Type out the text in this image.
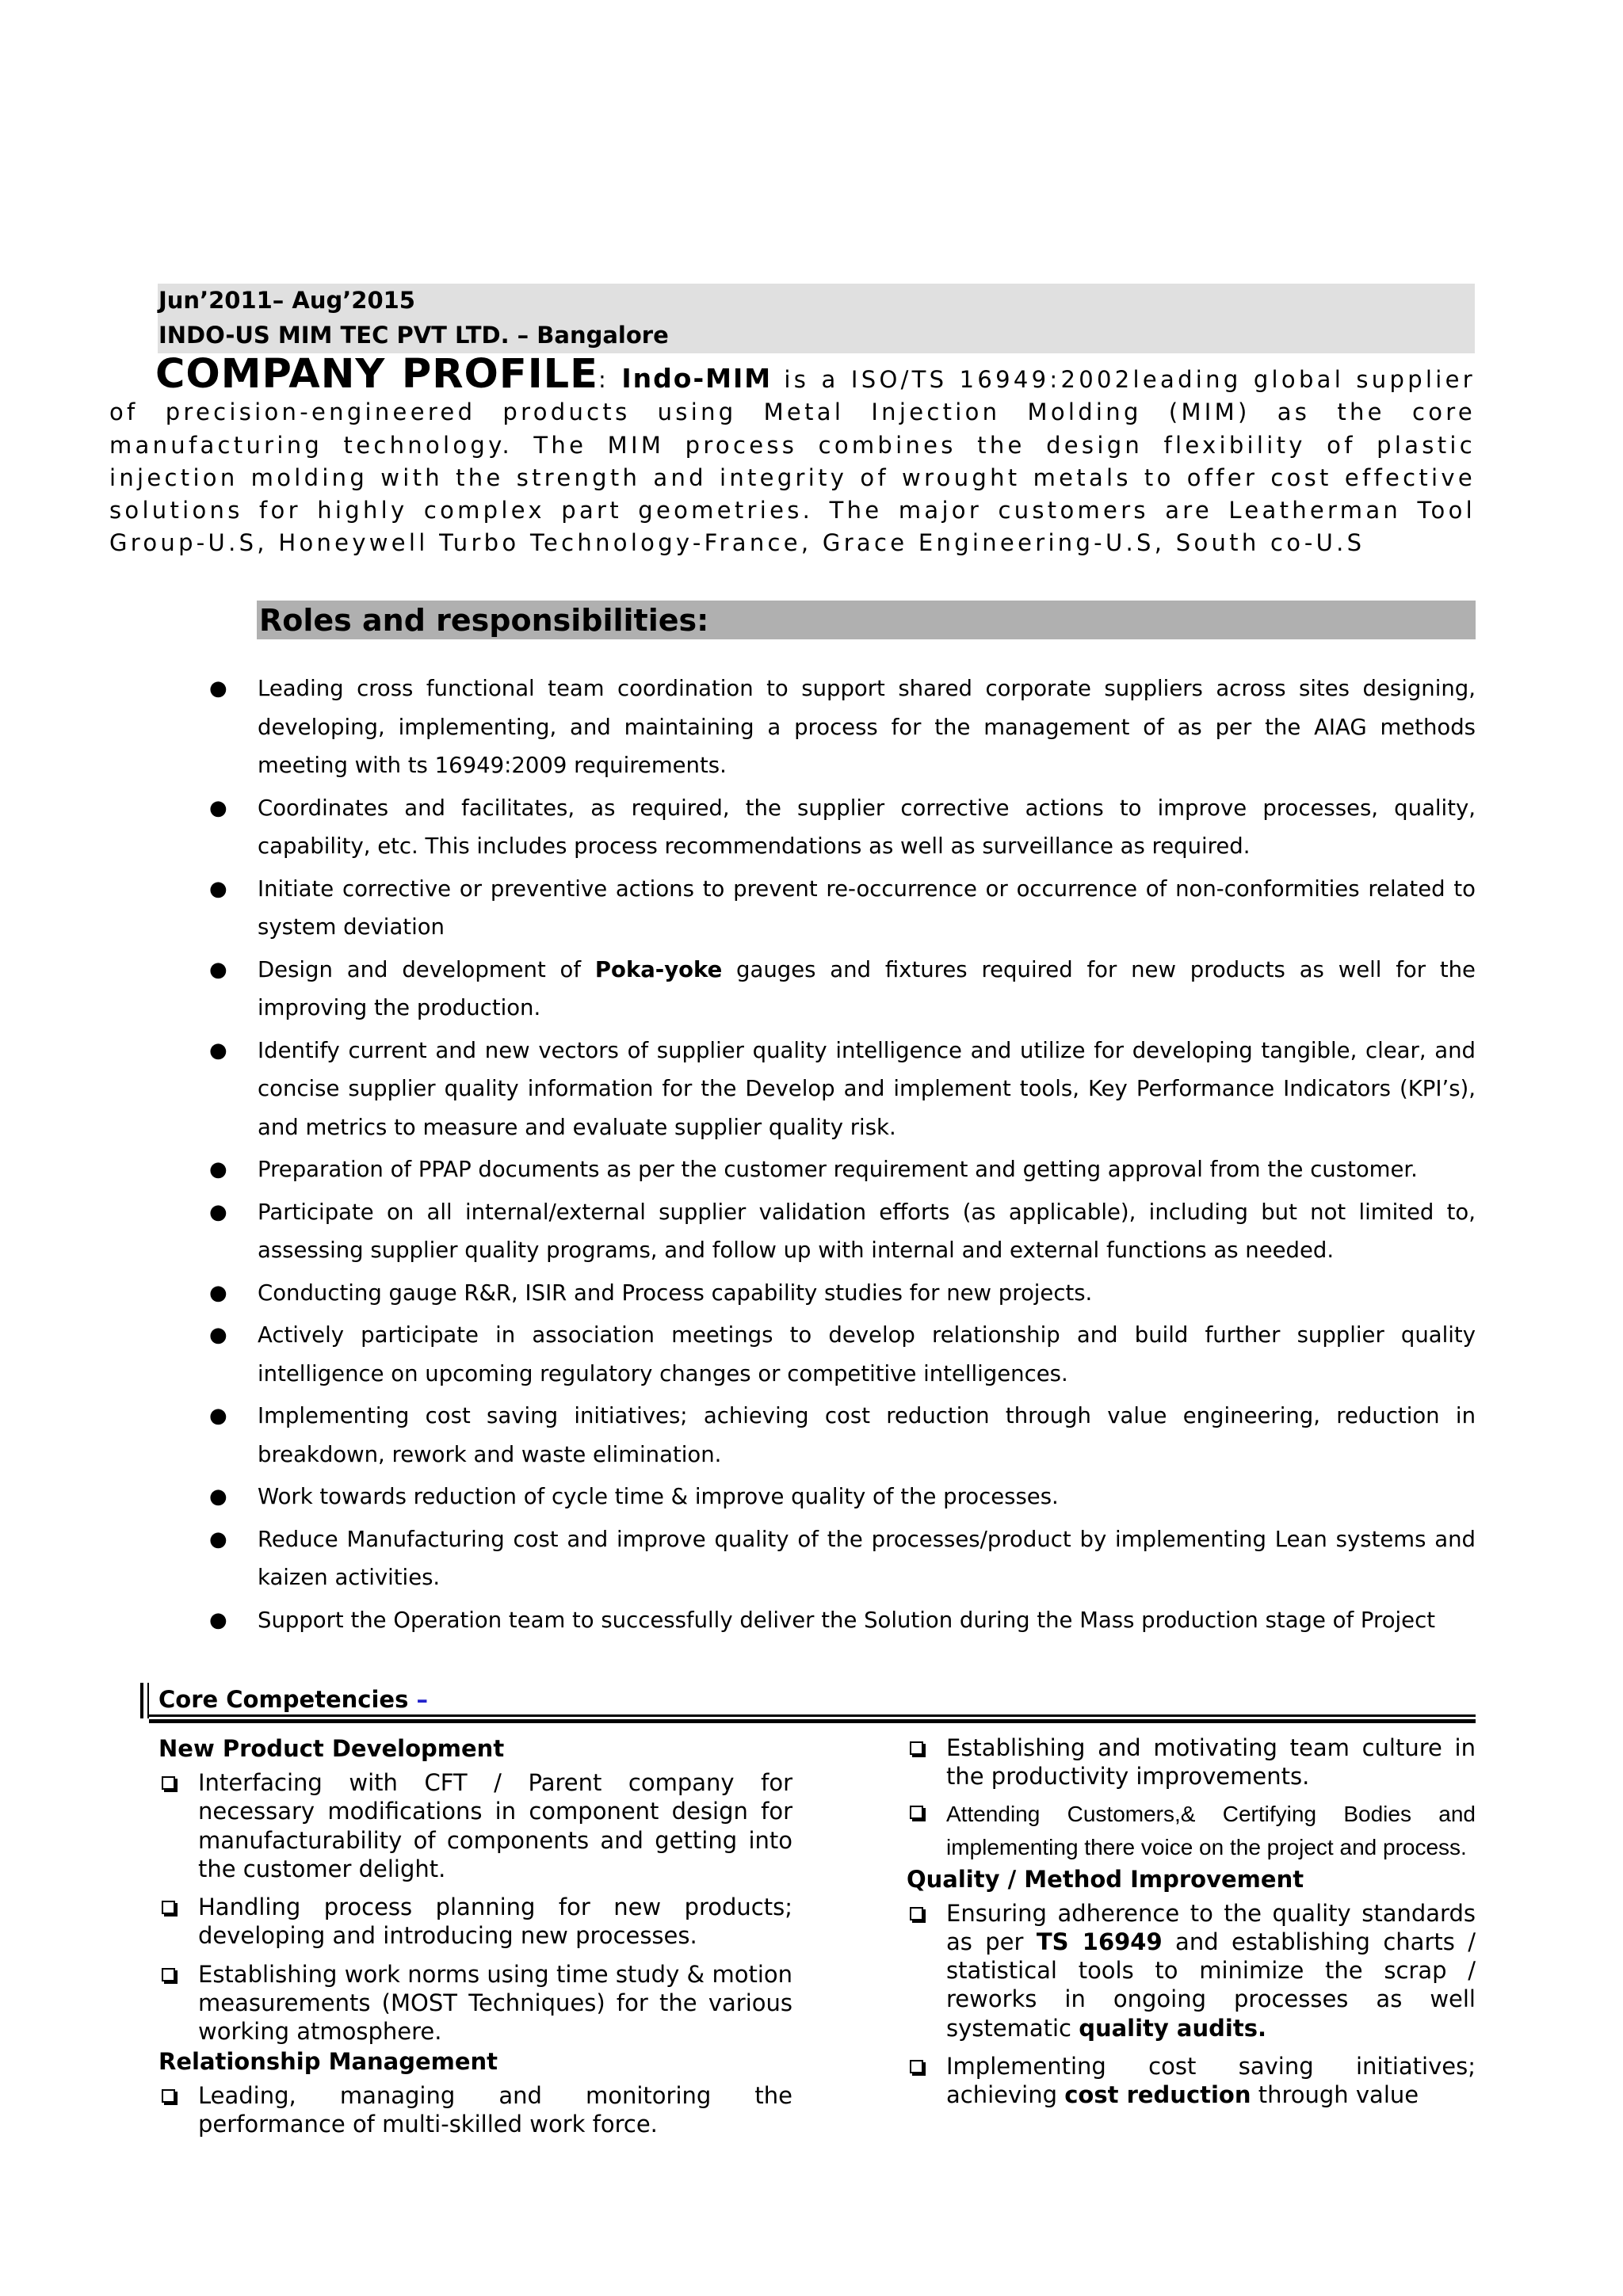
Jun’2011– Aug’2015
INDO-US MIM TEC PVT LTD. – Bangalore
COMPANY PROFILE: Indo-MIM is a ISO/TS 16949:2002leading global supplier of precision-engineered products using Metal Injection Molding (MIM) as the core manufacturing technology. The MIM process combines the design flexibility of plastic injection molding with the strength and integrity of wrought metals to offer cost effective solutions for highly complex part geometries. The major customers are Leatherman Tool Group-U.S, Honeywell Turbo Technology-France, Grace Engineering-U.S, South co-U.S
Roles and responsibilities:
● Leading cross functional team coordination to support shared corporate suppliers across sites designing, developing, implementing, and maintaining a process for the management of as per the AIAG methods meeting with ts 16949:2009 requirements.
● Coordinates and facilitates, as required, the supplier corrective actions to improve processes, quality, capability, etc. This includes process recommendations as well as surveillance as required.
● Initiate corrective or preventive actions to prevent re-occurrence or occurrence of non-conformities related to system deviation
● Design and development of Poka-yoke gauges and fixtures required for new products as well for the improving the production.
● Identify current and new vectors of supplier quality intelligence and utilize for developing tangible, clear, and concise supplier quality information for the Develop and implement tools, Key Performance Indicators (KPI’s), and metrics to measure and evaluate supplier quality risk.
● Preparation of PPAP documents as per the customer requirement and getting approval from the customer.
● Participate on all internal/external supplier validation efforts (as applicable), including but not limited to, assessing supplier quality programs, and follow up with internal and external functions as needed.
● Conducting gauge R&R, ISIR and Process capability studies for new projects.
● Actively participate in association meetings to develop relationship and build further supplier quality intelligence on upcoming regulatory changes or competitive intelligences.
● Implementing cost saving initiatives; achieving cost reduction through value engineering, reduction in breakdown, rework and waste elimination.
● Work towards reduction of cycle time & improve quality of the processes.
● Reduce Manufacturing cost and improve quality of the processes/product by implementing Lean systems and kaizen activities.
● Support the Operation team to successfully deliver the Solution during the Mass production stage of Project
Core Competencies –
New Product Development
Interfacing with CFT / Parent company for necessary modifications in component design for manufacturability of components and getting into the customer delight.
Handling process planning for new products; developing and introducing new processes.
Establishing work norms using time study & motion measurements (MOST Techniques) for the various working atmosphere.
Relationship Management
Leading, managing and monitoring the performance of multi-skilled work force.
Establishing and motivating team culture in the productivity improvements.
Attending Customers,& Certifying Bodies and implementing there voice on the project and process.
Quality / Method Improvement
Ensuring adherence to the quality standards as per TS 16949 and establishing charts / statistical tools to minimize the scrap / reworks in ongoing processes as well systematic quality audits.
Implementing cost saving initiatives; achieving cost reduction through value
